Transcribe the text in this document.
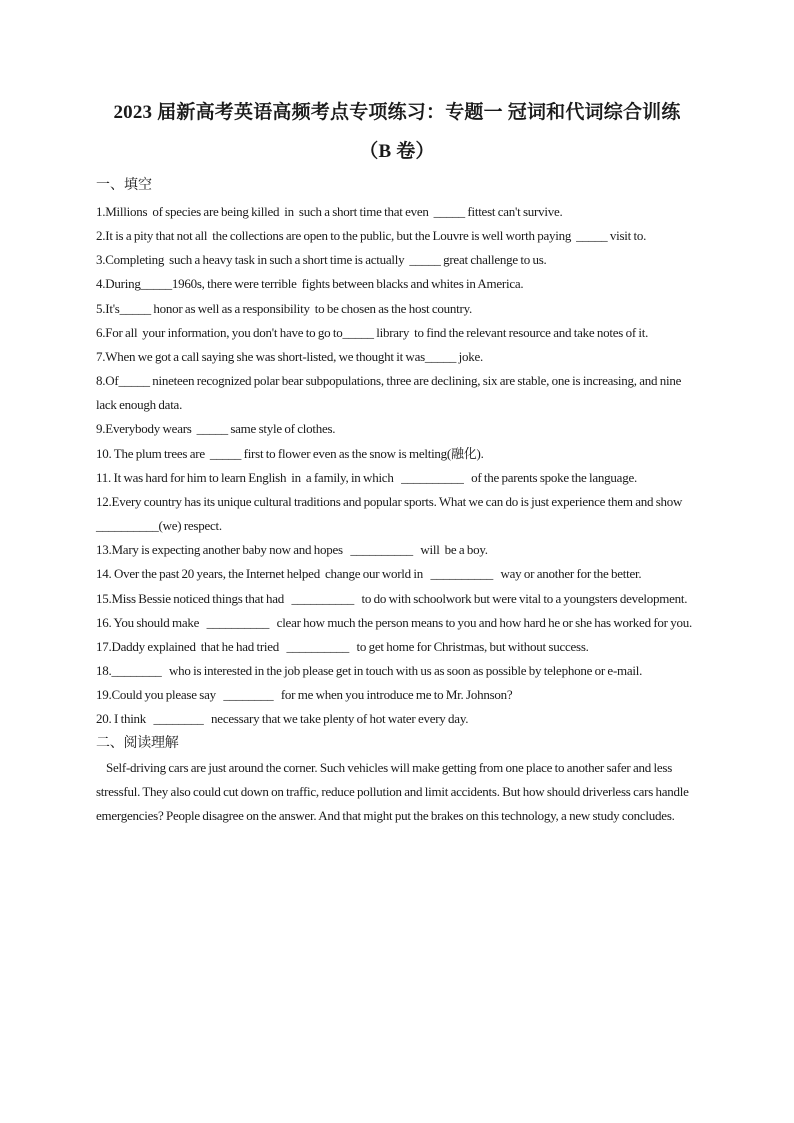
2023 届新高考英语高频考点专项练习：专题一 冠词和代词综合训练
（B 卷）
一、填空

1.Millions  of species are being killed  in  such a short time that even  _____ fittest can't survive.

2.It is a pity that not all  the collections are open to the public, but the Louvre is well worth paying  _____ visit to.

3.Completing  such a heavy task in such a short time is actually  _____ great challenge to us.

4.During_____1960s, there were terrible  fights between blacks and whites in America.

5.It's_____ honor as well as a responsibility  to be chosen as the host country.

6.For all  your information, you don't have to go to_____ library  to find the relevant resource and take notes of it.

7.When we got a call saying she was short-listed, we thought it was_____ joke.

8.Of_____ nineteen recognized polar bear subpopulations, three are declining, six are stable, one is increasing, and nine lack enough data.

9.Everybody wears  _____ same style of clothes.

10. The plum trees are  _____ first to flower even as the snow is melting(融化).

11. It was hard for him to learn English  in  a family, in which   __________   of the parents spoke the language.

12.Every country has its unique cultural traditions and popular sports. What we can do is just experience them and show  __________(we) respect.

13.Mary is expecting another baby now and hopes   __________   will  be a boy.

14. Over the past 20 years, the Internet helped  change our world in   __________   way or another for the better.

15.Miss Bessie noticed things that had   __________   to do with schoolwork but were vital to a youngsters development.

16. You should make   __________   clear how much the person means to you and how hard he or she has worked for you.

17.Daddy explained  that he had tried   __________   to get home for Christmas, but without success.

18.________   who is interested in the job please get in touch with us as soon as possible by telephone or e-mail.

19.Could you please say   ________   for me when you introduce me to Mr. Johnson?

20. I think   ________   necessary that we take plenty of hot water every day.

二、阅读理解

Self-driving cars are just around the corner. Such vehicles will make getting from one place to another safer and less stressful. They also could cut down on traffic, reduce pollution and limit accidents. But how should driverless cars handle emergencies? People disagree on the answer. And that might put the brakes on this technology, a new study concludes.
